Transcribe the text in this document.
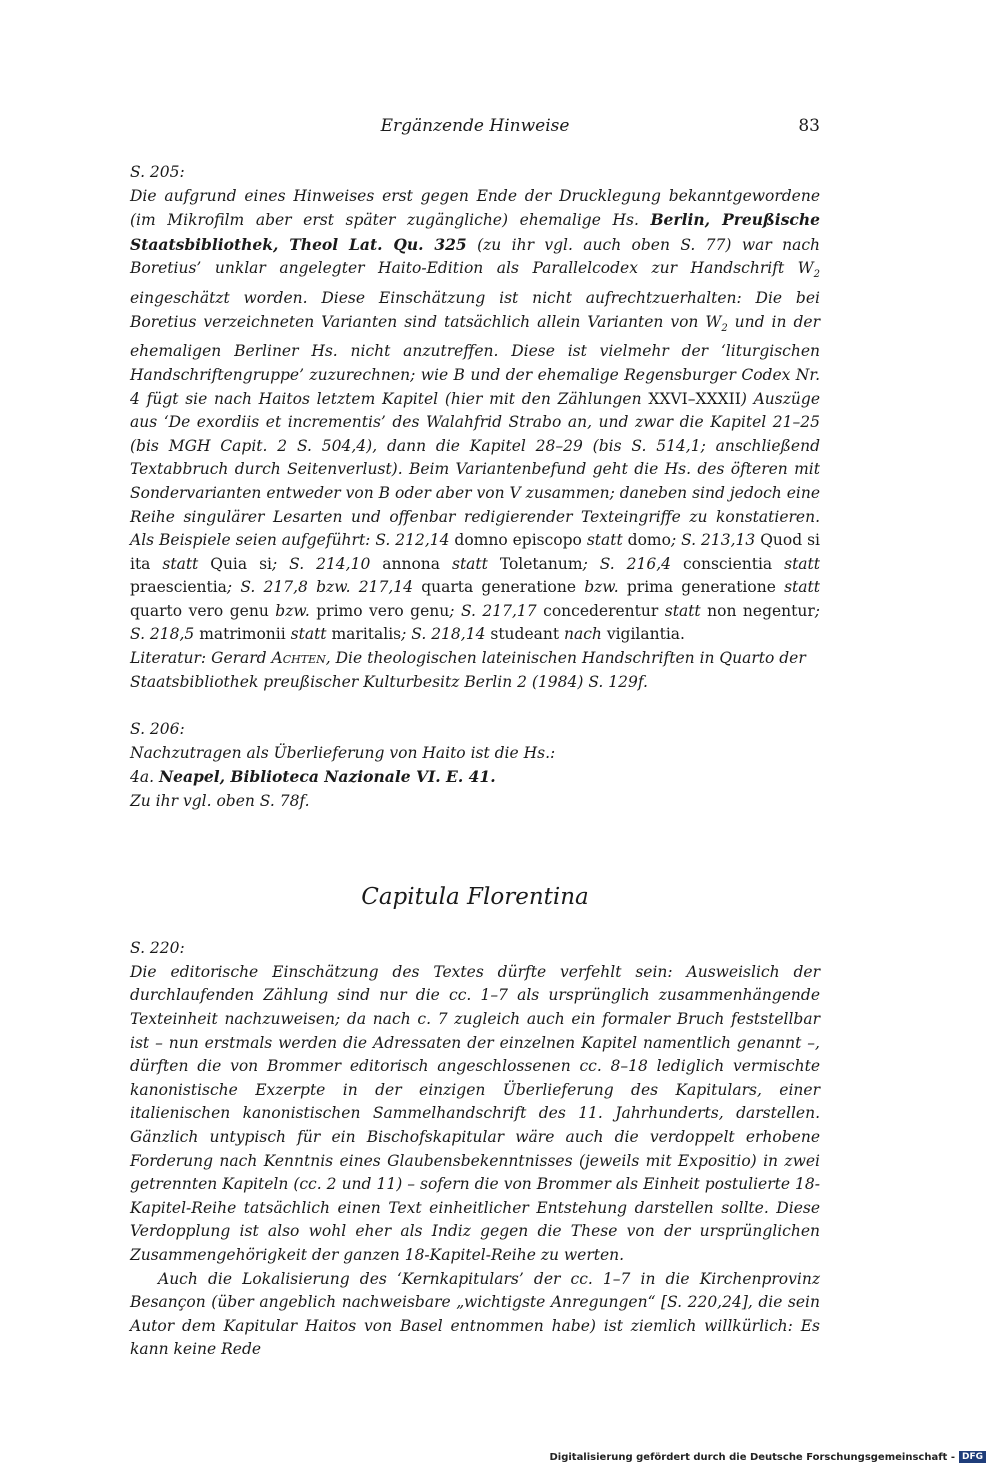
Ergänzende Hinweise	83

S. 205:

Die aufgrund eines Hinweises erst gegen Ende der Drucklegung bekanntgewordene (im Mikrofilm aber erst später zugängliche) ehemalige Hs. Berlin, Preußische Staatsbibliothek, Theol Lat. Qu. 325 (zu ihr vgl. auch oben S. 77) war nach Boretius’ unklar angelegter Haito-Edition als Parallelcodex zur Handschrift $W_2$ eingeschätzt worden. Diese Einschätzung ist nicht aufrechtzuerhalten: Die bei Boretius verzeichneten Varianten sind tatsächlich allein Varianten von $W_2$ und in der ehemaligen Berliner Hs. nicht anzutreffen. Diese ist vielmehr der ‘liturgischen Handschriftengruppe’ zuzurechnen; wie B und der ehemalige Regensburger Codex Nr. 4 fügt sie nach Haitos letztem Kapitel (hier mit den Zählungen XXVI–XXXII) Auszüge aus ‘De exordiis et incrementis’ des Walahfrid Strabo an, und zwar die Kapitel 21–25 (bis MGH Capit. 2 S. 504,4), dann die Kapitel 28–29 (bis S. 514,1; anschließend Textabbruch durch Seitenverlust). Beim Variantenbefund geht die Hs. des öfteren mit Sondervarianten entweder von B oder aber von V zusammen; daneben sind jedoch eine Reihe singulärer Lesarten und offenbar redigierender Texteingriffe zu konstatieren. Als Beispiele seien aufgeführt: S. 212,14 domno episcopo statt domo; S. 213,13 Quod si ita statt Quia si; S. 214,10 annona statt Toletanum; S. 216,4 conscientia statt praescientia; S. 217,8 bzw. 217,14 quarta generatione bzw. prima generatione statt quarto vero genu bzw. primo vero genu; S. 217,17 concederentur statt non negentur; S. 218,5 matrimonii statt maritalis; S. 218,14 studeant nach vigilantia.

Literatur: Gerard Achten, Die theologischen lateinischen Handschriften in Quarto der Staatsbibliothek preußischer Kulturbesitz Berlin 2 (1984) S. 129f.

S. 206:

Nachzutragen als Überlieferung von Haito ist die Hs.:

4a. Neapel, Biblioteca Nazionale VI. E. 41.

Zu ihr vgl. oben S. 78f.

Capitula Florentina

S. 220:

Die editorische Einschätzung des Textes dürfte verfehlt sein: Ausweislich der durchlaufenden Zählung sind nur die cc. 1–7 als ursprünglich zusammenhängende Texteinheit nachzuweisen; da nach c. 7 zugleich auch ein formaler Bruch feststellbar ist – nun erstmals werden die Adressaten der einzelnen Kapitel namentlich genannt –, dürften die von Brommer editorisch angeschlossenen cc. 8–18 lediglich vermischte kanonistische Exzerpte in der einzigen Überlieferung des Kapitulars, einer italienischen kanonistischen Sammelhandschrift des 11. Jahrhunderts, darstellen. Gänzlich untypisch für ein Bischofskapitular wäre auch die verdoppelt erhobene Forderung nach Kenntnis eines Glaubensbekenntnisses (jeweils mit Expositio) in zwei getrennten Kapiteln (cc. 2 und 11) – sofern die von Brommer als Einheit postulierte 18-Kapitel-Reihe tatsächlich einen Text einheitlicher Entstehung darstellen sollte. Diese Verdopplung ist also wohl eher als Indiz gegen die These von der ursprünglichen Zusammengehörigkeit der ganzen 18-Kapitel-Reihe zu werten.

Auch die Lokalisierung des ‘Kernkapitulars’ der cc. 1–7 in die Kirchenprovinz Besançon (über angeblich nachweisbare „wichtigste Anregungen“ [S. 220,24], die sein Autor dem Kapitular Haitos von Basel entnommen habe) ist ziemlich willkürlich: Es kann keine Rede

Digitalisierung gefördert durch die Deutsche Forschungsgemeinschaft - DFG
